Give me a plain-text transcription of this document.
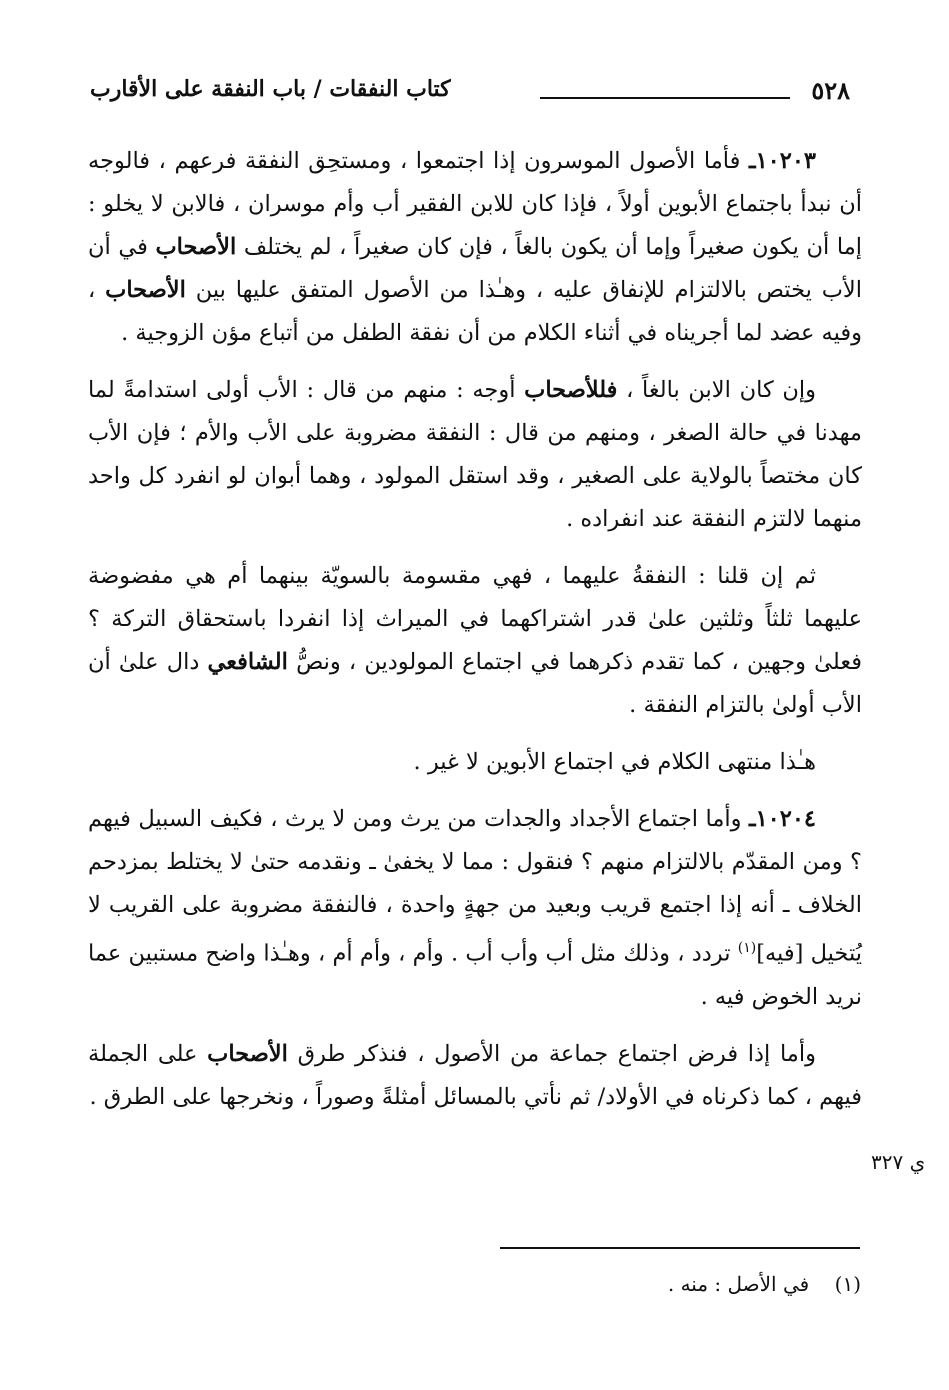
٥٢٨
كتاب النفقات / باب النفقة على الأقارب

١٠٢٠٣ـ فأما الأصول الموسرون إذا اجتمعوا ، ومستحِق النفقة فرعهم ، فالوجه أن نبدأ باجتماع الأبوين أولاً ، فإذا كان للابن الفقير أب وأم موسران ، فالابن لا يخلو : إما أن يكون صغيراً وإما أن يكون بالغاً ، فإن كان صغيراً ، لم يختلف الأصحاب في أن الأب يختص بالالتزام للإنفاق عليه ، وهـٰذا من الأصول المتفق عليها بين الأصحاب ، وفيه عضد لما أجريناه في أثناء الكلام من أن نفقة الطفل من أتباع مؤن الزوجية .

وإن كان الابن بالغاً ، فللأصحاب أوجه : منهم من قال : الأب أولى استدامةً لما مهدنا في حالة الصغر ، ومنهم من قال : النفقة مضروبة على الأب والأم ؛ فإن الأب كان مختصاً بالولاية على الصغير ، وقد استقل المولود ، وهما أبوان لو انفرد كل واحد منهما لالتزم النفقة عند انفراده .

ثم إن قلنا : النفقةُ عليهما ، فهي مقسومة بالسويّة بينهما أم هي مفضوضة عليهما ثلثاً وثلثين علىٰ قدر اشتراكهما في الميراث إذا انفردا باستحقاق التركة ؟ فعلىٰ وجهين ، كما تقدم ذكرهما في اجتماع المولودين ، ونصُّ الشافعي دال علىٰ أن الأب أولىٰ بالتزام النفقة .

هـٰذا منتهى الكلام في اجتماع الأبوين لا غير .

١٠٢٠٤ـ وأما اجتماع الأجداد والجدات من يرث ومن لا يرث ، فكيف السبيل فيهم ؟ ومن المقدّم بالالتزام منهم ؟ فنقول : مما لا يخفىٰ ـ ونقدمه حتىٰ لا يختلط بمزدحم الخلاف ـ أنه إذا اجتمع قريب وبعيد من جهةٍ واحدة ، فالنفقة مضروبة على القريب لا يُتخيل [فيه]$^{(١)}$ تردد ، وذلك مثل أب وأب أب . وأم ، وأم أم ، وهـٰذا واضح مستبين عما نريد الخوض فيه .

وأما إذا فرض اجتماع جماعة من الأصول ، فنذكر طرق الأصحاب على الجملة فيهم ، كما ذكرناه في الأولاد/ ثم نأتي بالمسائل أمثلةً وصوراً ، ونخرجها على الطرق .

ي ٣٢٧
(١)    في الأصل : منه .
